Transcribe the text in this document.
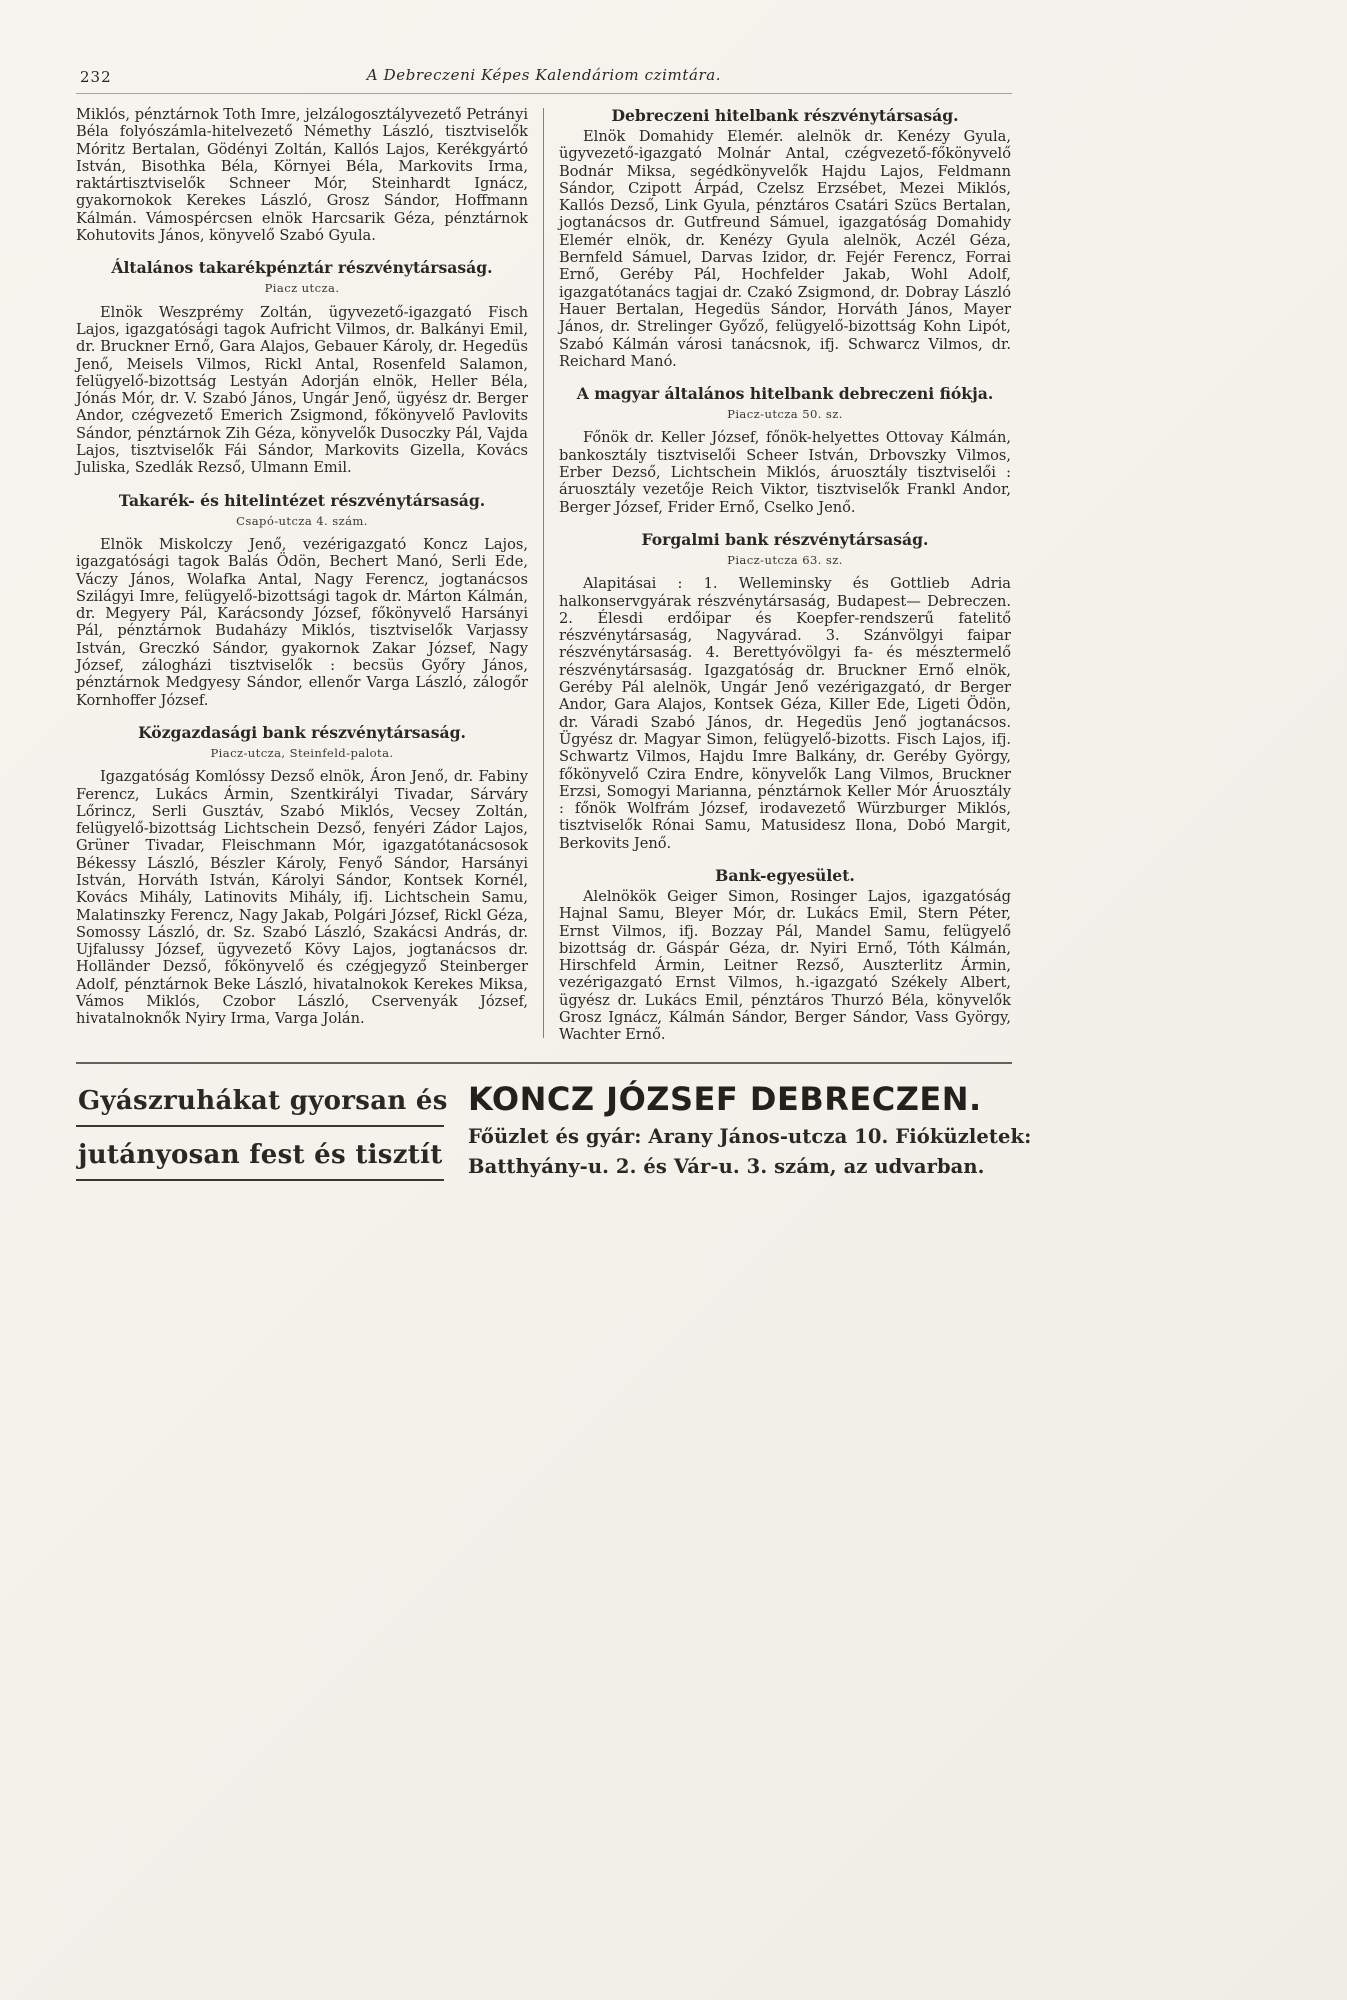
232	A Debreczeni Képes Kalendáriom czimtára.

Miklós, pénztárnok Toth Imre, jelzálogosztályvezető Petrányi Béla folyószámla-hitelvezető Némethy László, tisztviselők Móritz Bertalan, Gödényi Zoltán, Kallós Lajos, Kerékgyártó István, Bisothka Béla, Környei Béla, Markovits Irma, raktártisztviselők Schneer Mór, Steinhardt Ignácz, gyakornokok Kerekes László, Grosz Sándor, Hoffmann Kálmán. Vámospércsen elnök Harcsarik Géza, pénztárnok Kohutovits János, könyvelő Szabó Gyula.

Általános takarékpénztár részvénytársaság.
Piacz utcza.

Elnök Weszprémy Zoltán, ügyvezető-igazgató Fisch Lajos, igazgatósági tagok Aufricht Vilmos, dr. Balkányi Emil, dr. Bruckner Ernő, Gara Alajos, Gebauer Károly, dr. Hegedüs Jenő, Meisels Vilmos, Rickl Antal, Rosenfeld Salamon, felügyelő-bizottság Lestyán Adorján elnök, Heller Béla, Jónás Mór, dr. V. Szabó János, Ungár Jenő, ügyész dr. Berger Andor, czégvezető Emerich Zsigmond, főkönyvelő Pavlovits Sándor, pénztárnok Zih Géza, könyvelők Dusoczky Pál, Vajda Lajos, tisztviselők Fái Sándor, Markovits Gizella, Kovács Juliska, Szedlák Rezső, Ulmann Emil.

Takarék- és hitelintézet részvénytársaság.
Csapó-utcza 4. szám.

Elnök Miskolczy Jenő, vezérigazgató Koncz Lajos, igazgatósági tagok Balás Ödön, Bechert Manó, Serli Ede, Váczy János, Wolafka Antal, Nagy Ferencz, jogtanácsos Szilágyi Imre, felügyelő-bizottsági tagok dr. Márton Kálmán, dr. Megyery Pál, Karácsondy József, főkönyvelő Harsányi Pál, pénztárnok Budaházy Miklós, tisztviselők Varjassy István, Greczkó Sándor, gyakornok Zakar József, Nagy József, zálogházi tisztviselők : becsüs Győry János, pénztárnok Medgyesy Sándor, ellenőr Varga László, zálogőr Kornhoffer József.

Közgazdasági bank részvénytársaság.
Piacz-utcza, Steinfeld-palota.

Igazgatóság Komlóssy Dezső elnök, Áron Jenő, dr. Fabiny Ferencz, Lukács Ármin, Szentkirályi Tivadar, Sárváry Lőrincz, Serli Gusztáv, Szabó Miklós, Vecsey Zoltán, felügyelő-bizottság Lichtschein Dezső, fenyéri Zádor Lajos, Grüner Tivadar, Fleischmann Mór, igazgatótanácsosok Békessy László, Bészler Károly, Fenyő Sándor, Harsányi István, Horváth István, Károlyi Sándor, Kontsek Kornél, Kovács Mihály, Latinovits Mihály, ifj. Lichtschein Samu, Malatinszky Ferencz, Nagy Jakab, Polgári József, Rickl Géza, Somossy László, dr. Sz. Szabó László, Szakácsi András, dr. Ujfalussy József, ügyvezető Kövy Lajos, jogtanácsos dr. Holländer Dezső, főkönyvelő és czégjegyző Steinberger Adolf, pénztárnok Beke László, hivatalnokok Kerekes Miksa, Vámos Miklós, Czobor László, Cservenyák József, hivatalnoknők Nyiry Irma, Varga Jolán.

Debreczeni hitelbank részvénytársaság.

Elnök Domahidy Elemér. alelnök dr. Kenézy Gyula, ügyvezető-igazgató Molnár Antal, czégvezető-főkönyvelő Bodnár Miksa, segédkönyvelők Hajdu Lajos, Feldmann Sándor, Czipott Árpád, Czelsz Erzsébet, Mezei Miklós, Kallós Dezső, Link Gyula, pénztáros Csatári Szücs Bertalan, jogtanácsos dr. Gutfreund Sámuel, igazgatóság Domahidy Elemér elnök, dr. Kenézy Gyula alelnök, Aczél Géza, Bernfeld Sámuel, Darvas Izidor, dr. Fejér Ferencz, Forrai Ernő, Geréby Pál, Hochfelder Jakab, Wohl Adolf, igazgatótanács tagjai dr. Czakó Zsigmond, dr. Dobray László Hauer Bertalan, Hegedüs Sándor, Horváth János, Mayer János, dr. Strelinger Győző, felügyelő-bizottság Kohn Lipót, Szabó Kálmán városi tanácsnok, ifj. Schwarcz Vilmos, dr. Reichard Manó.

A magyar általános hitelbank debreczeni fiókja.
Piacz-utcza 50. sz.

Főnök dr. Keller József, főnök-helyettes Ottovay Kálmán, bankosztály tisztviselői Scheer István, Drbovszky Vilmos, Erber Dezső, Lichtschein Miklós, áruosztály tisztviselői : áruosztály vezetője Reich Viktor, tisztviselők Frankl Andor, Berger József, Frider Ernő, Cselko Jenő.

Forgalmi bank részvénytársaság.
Piacz-utcza 63. sz.

Alapitásai : 1. Welleminsky és Gottlieb Adria halkonservgyárak részvénytársaság, Budapest— Debreczen. 2. Élesdi erdőipar és Koepfer-rendszerű fatelitő részvénytársaság, Nagyvárad. 3. Szánvölgyi faipar részvénytársaság. 4. Berettyóvölgyi fa- és mésztermelő részvénytársaság. Igazgatóság dr. Bruckner Ernő elnök, Geréby Pál alelnök, Ungár Jenő vezérigazgató, dr Berger Andor, Gara Alajos, Kontsek Géza, Killer Ede, Ligeti Ödön, dr. Váradi Szabó János, dr. Hegedüs Jenő jogtanácsos. Ügyész dr. Magyar Simon, felügyelő-bizotts. Fisch Lajos, ifj. Schwartz Vilmos, Hajdu Imre Balkány, dr. Geréby György, főkönyvelő Czira Endre, könyvelők Lang Vilmos, Bruckner Erzsi, Somogyi Marianna, pénztárnok Keller Mór Áruosztály : főnök Wolfrám József, irodavezető Würzburger Miklós, tisztviselők Rónai Samu, Matusidesz Ilona, Dobó Margit, Berkovits Jenő.

Bank-egyesület.

Alelnökök Geiger Simon, Rosinger Lajos, igazgatóság Hajnal Samu, Bleyer Mór, dr. Lukács Emil, Stern Péter, Ernst Vilmos, ifj. Bozzay Pál, Mandel Samu, felügyelő bizottság dr. Gáspár Géza, dr. Nyiri Ernő, Tóth Kálmán, Hirschfeld Ármin, Leitner Rezső, Auszterlitz Ármin, vezérigazgató Ernst Vilmos, h.-igazgató Székely Albert, ügyész dr. Lukács Emil, pénztáros Thurzó Béla, könyvelők Grosz Ignácz, Kálmán Sándor, Berger Sándor, Vass György, Wachter Ernő.

Gyászruhákat gyorsan és
jutányosan fest és tisztít
KONCZ JÓZSEF DEBRECZEN.
Főüzlet és gyár: Arany János-utcza 10. Fióküzletek:
Batthyány-u. 2. és Vár-u. 3. szám, az udvarban.
